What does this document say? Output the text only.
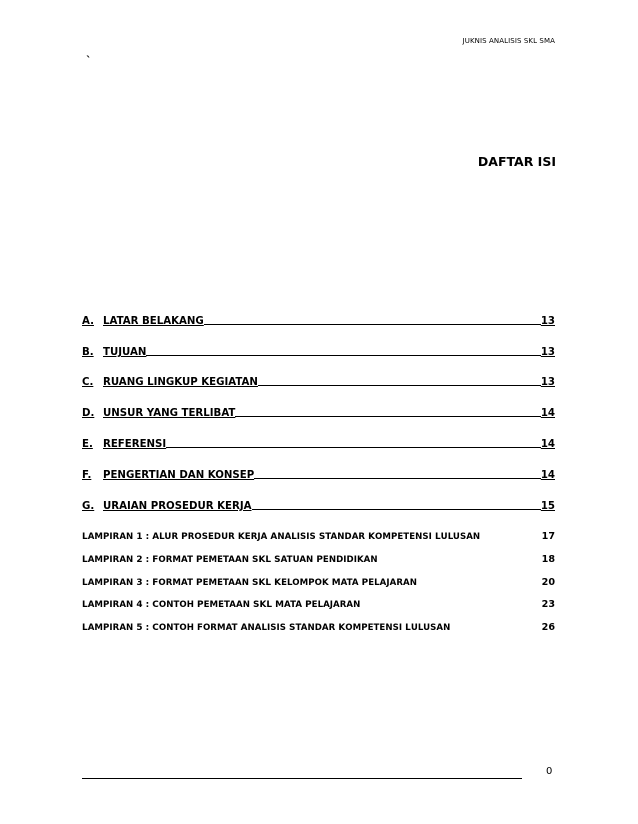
JUKNIS ANALISIS SKL SMA
`
DAFTAR ISI
A. LATAR BELAKANG	13
B. TUJUAN	13
C. RUANG LINGKUP KEGIATAN	13
D. UNSUR YANG TERLIBAT	14
E. REFERENSI	14
F.	PENGERTIAN DAN KONSEP	14
G. URAIAN PROSEDUR KERJA	15
LAMPIRAN 1 : ALUR PROSEDUR KERJA ANALISIS STANDAR KOMPETENSI LULUSAN	17
LAMPIRAN 2 : FORMAT PEMETAAN SKL SATUAN PENDIDIKAN	18
LAMPIRAN 3 : FORMAT PEMETAAN SKL KELOMPOK MATA PELAJARAN	20
LAMPIRAN 4 : CONTOH PEMETAAN SKL MATA PELAJARAN	23
LAMPIRAN 5 : CONTOH FORMAT ANALISIS STANDAR KOMPETENSI LULUSAN	26
0
